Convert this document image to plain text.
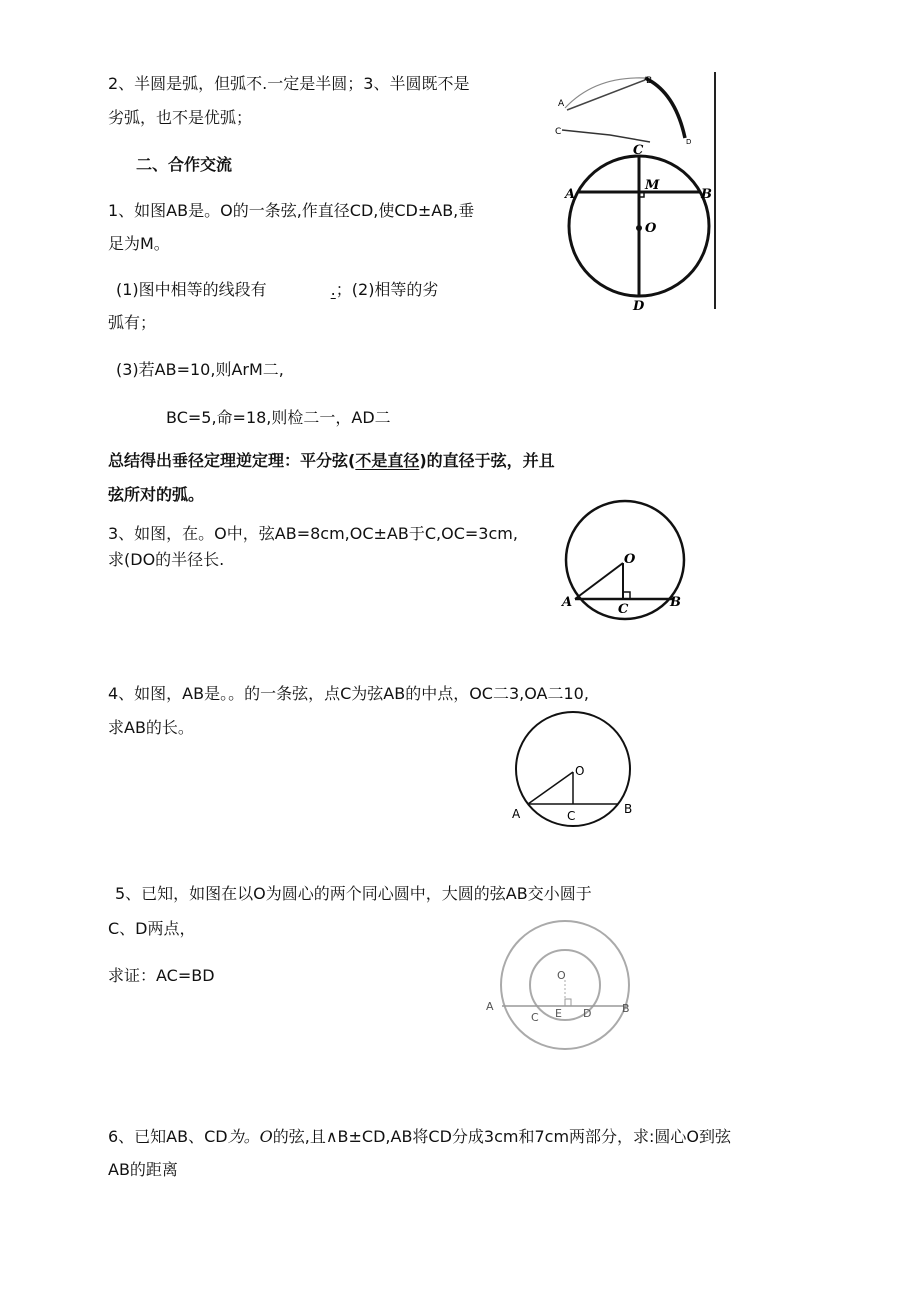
2、半圆是弧，但弧不.一定是半圆；3、半圆既不是
劣弧，也不是优弧；
A
B
C
D
二、合作交流
1、如图AB是。O的一条弦,作直径CD,使CD±AB,垂
足为M。
(1)图中相等的线段有	.；(2)相等的劣
弧有；
(3)若AB=10,则ArM二,
BC=5,命=18,则检二一，AD二
C
M
A	B
O
D
总结得出垂径定理逆定理：平分弦(不是直径)的直径于弦，并且
弦所对的弧。
3、如图，在。O中，弦AB=8cm,OC±AB于C,OC=3cm,
求(DO的半径长.	O
A	C	B
4、如图，AB是。。的一条弦，点C为弦AB的中点，OC二3,OA二10,
求AB的长。
O
A	C	B
5、已知，如图在以O为圆心的两个同心圆中，大圆的弦AB交小圆于
C、D两点，
求证：AC=BD	O
A
C E D	B
6、已知AB、CD为。O的弦,且∧B±CD,AB将CD分成3cm和7cm两部分，求:圆心O到弦
AB的距离
